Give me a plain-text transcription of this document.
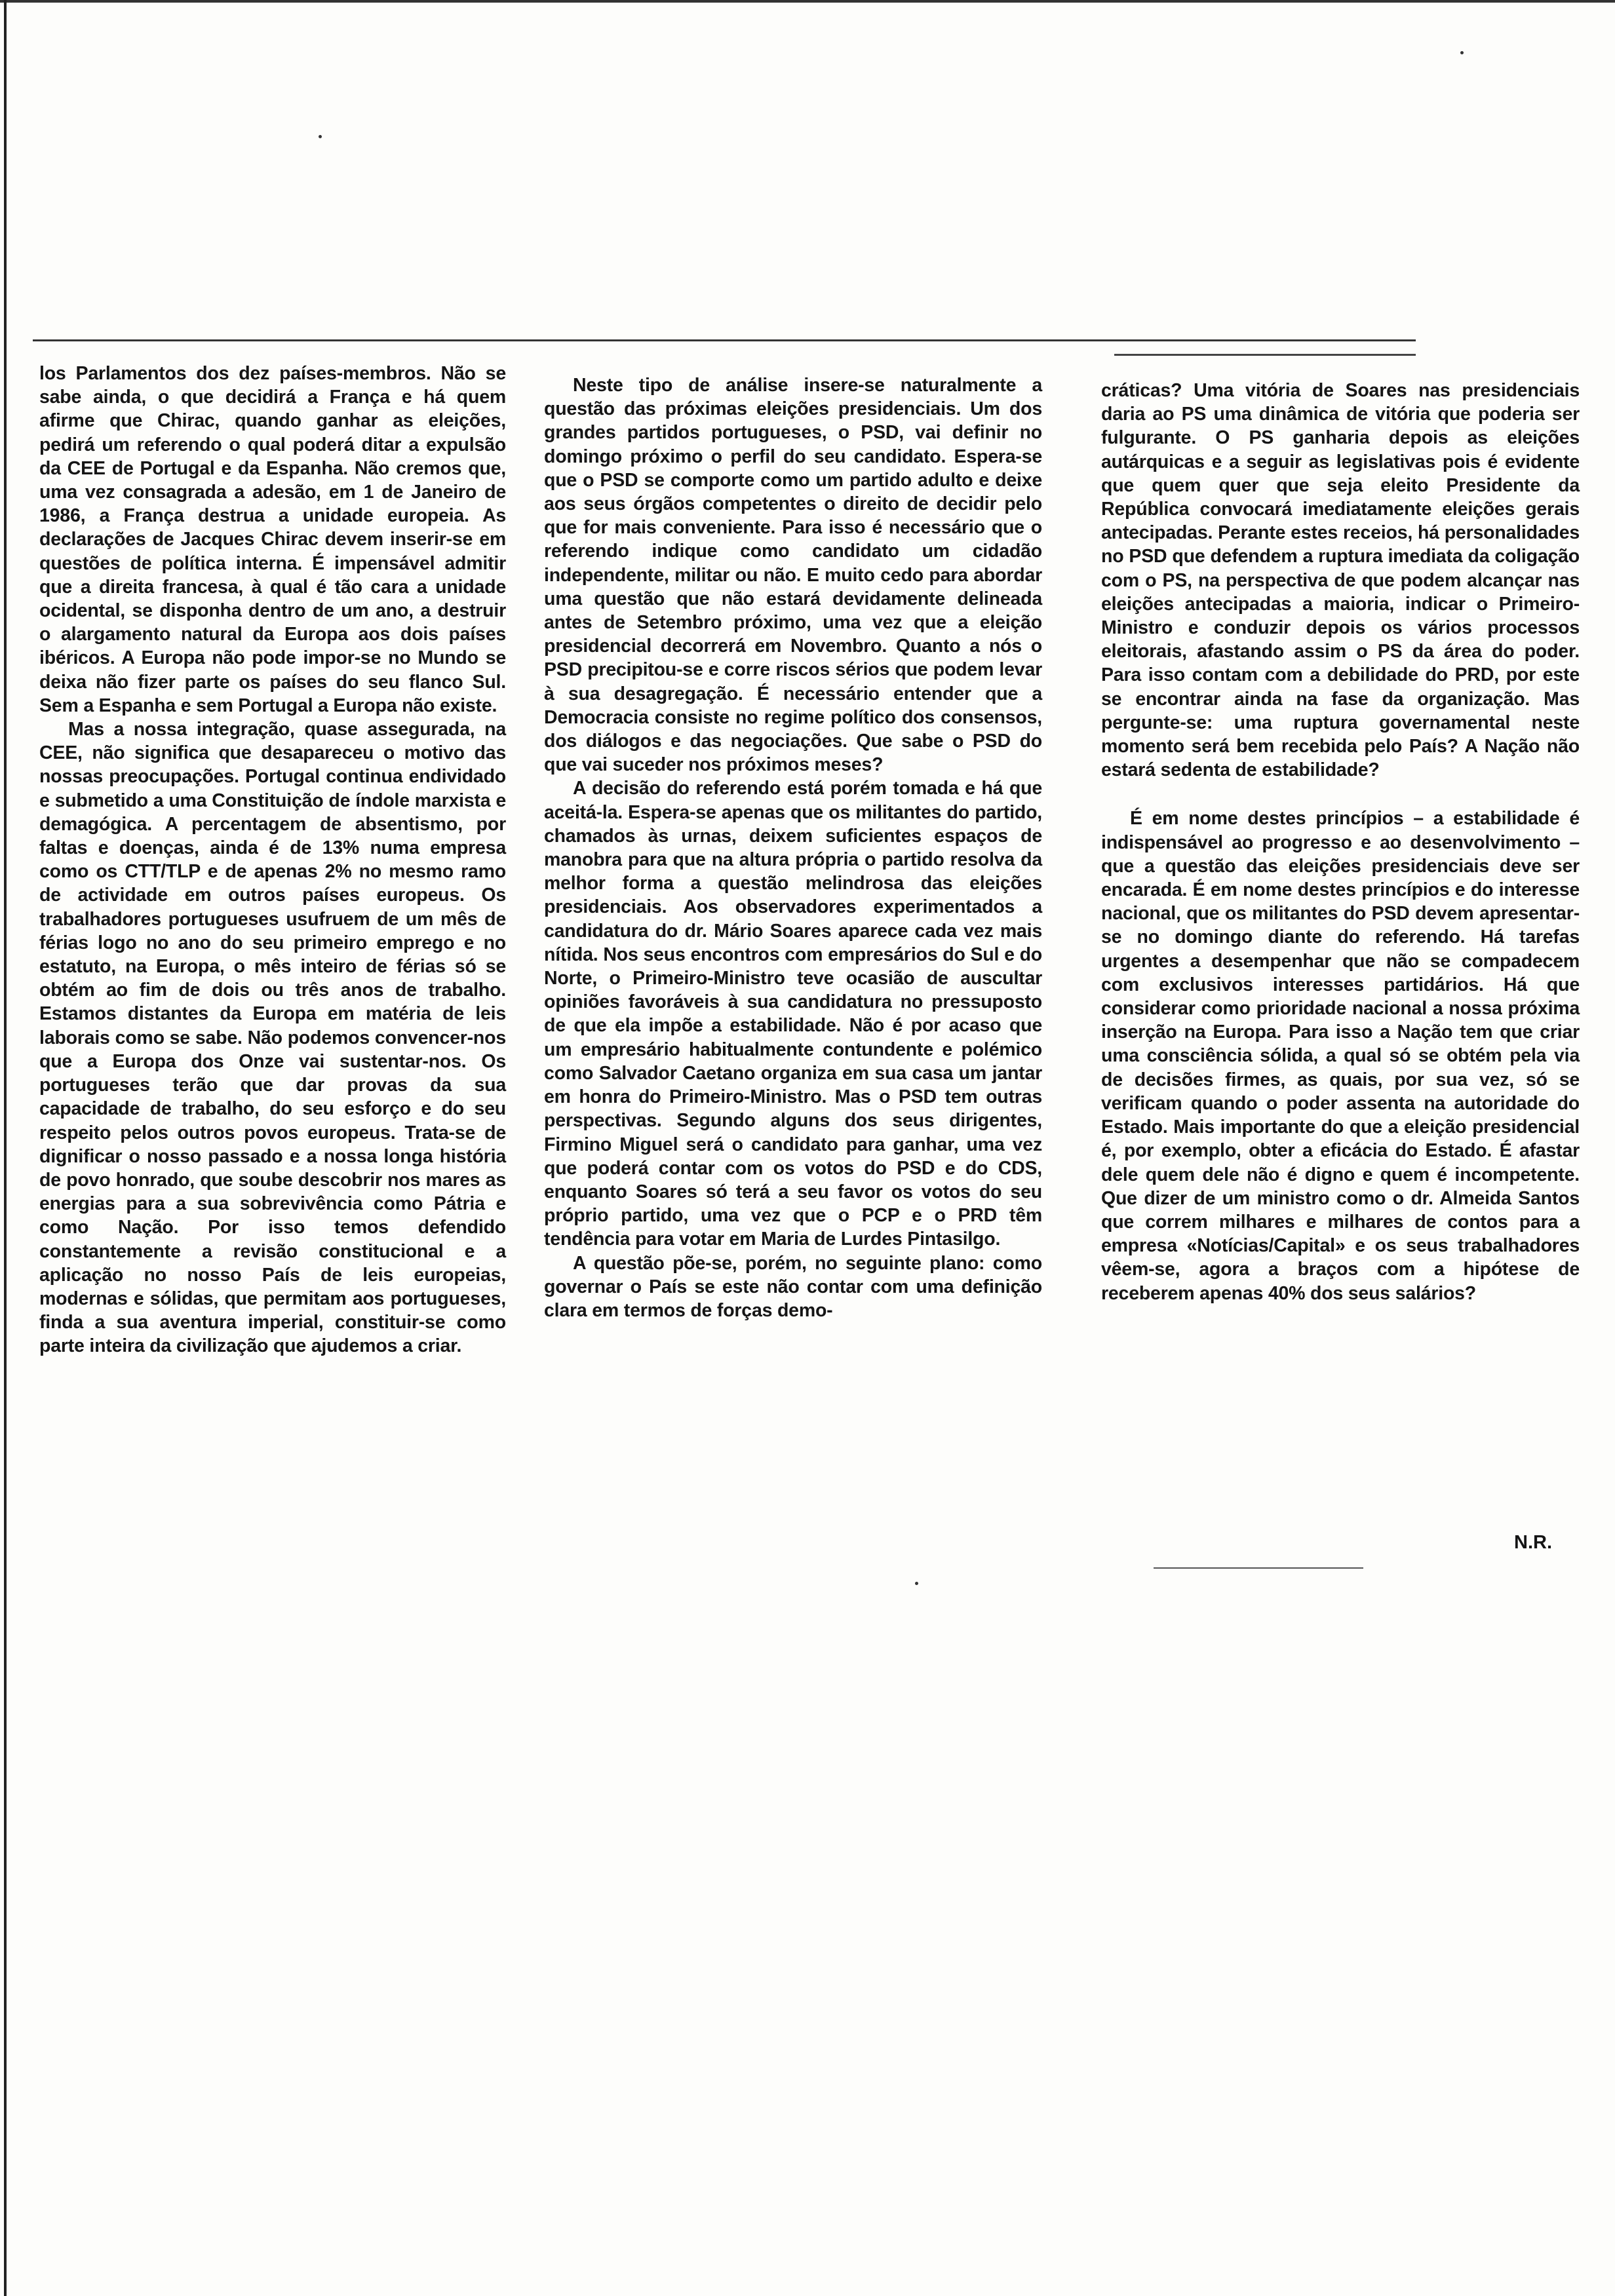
los Parlamentos dos dez países-membros. Não se sabe ainda, o que decidirá a França e há quem afirme que Chirac, quando ganhar as eleições, pedirá um referendo o qual poderá ditar a expulsão da CEE de Portugal e da Espanha. Não cremos que, uma vez consagrada a adesão, em 1 de Janeiro de 1986, a França destrua a unidade europeia. As declarações de Jacques Chirac devem inserir-se em questões de política interna. É impensável admitir que a direita francesa, à qual é tão cara a unidade ocidental, se disponha dentro de um ano, a destruir o alargamento natural da Europa aos dois países ibéricos. A Europa não pode impor-se no Mundo se deixa não fizer parte os países do seu flanco Sul. Sem a Espanha e sem Portugal a Europa não existe.

Mas a nossa integração, quase assegurada, na CEE, não significa que desapareceu o motivo das nossas preocupações. Portugal continua endividado e submetido a uma Constituição de índole marxista e demagógica. A percentagem de absentismo, por faltas e doenças, ainda é de 13% numa empresa como os CTT/TLP e de apenas 2% no mesmo ramo de actividade em outros países europeus. Os trabalhadores portugueses usufruem de um mês de férias logo no ano do seu primeiro emprego e no estatuto, na Europa, o mês inteiro de férias só se obtém ao fim de dois ou três anos de trabalho. Estamos distantes da Europa em matéria de leis laborais como se sabe. Não podemos convencer-nos que a Europa dos Onze vai sustentar-nos. Os portugueses terão que dar provas da sua capacidade de trabalho, do seu esforço e do seu respeito pelos outros povos europeus. Trata-se de dignificar o nosso passado e a nossa longa história de povo honrado, que soube descobrir nos mares as energias para a sua sobrevivência como Pátria e como Nação. Por isso temos defendido constantemente a revisão constitucional e a aplicação no nosso País de leis europeias, modernas e sólidas, que permitam aos portugueses, finda a sua aventura imperial, constituir-se como parte inteira da civilização que ajudemos a criar.

Neste tipo de análise insere-se naturalmente a questão das próximas eleições presidenciais. Um dos grandes partidos portugueses, o PSD, vai definir no domingo próximo o perfil do seu candidato. Espera-se que o PSD se comporte como um partido adulto e deixe aos seus órgãos competentes o direito de decidir pelo que for mais conveniente. Para isso é necessário que o referendo indique como candidato um cidadão independente, militar ou não. E muito cedo para abordar uma questão que não estará devidamente delineada antes de Setembro próximo, uma vez que a eleição presidencial decorrerá em Novembro. Quanto a nós o PSD precipitou-se e corre riscos sérios que podem levar à sua desagregação. É necessário entender que a Democracia consiste no regime político dos consensos, dos diálogos e das negociações. Que sabe o PSD do que vai suceder nos próximos meses?

A decisão do referendo está porém tomada e há que aceitá-la. Espera-se apenas que os militantes do partido, chamados às urnas, deixem suficientes espaços de manobra para que na altura própria o partido resolva da melhor forma a questão melindrosa das eleições presidenciais. Aos observadores experimentados a candidatura do dr. Mário Soares aparece cada vez mais nítida. Nos seus encontros com empresários do Sul e do Norte, o Primeiro-Ministro teve ocasião de auscultar opiniões favoráveis à sua candidatura no pressuposto de que ela impõe a estabilidade. Não é por acaso que um empresário habitualmente contundente e polémico como Salvador Caetano organiza em sua casa um jantar em honra do Primeiro-Ministro. Mas o PSD tem outras perspectivas. Segundo alguns dos seus dirigentes, Firmino Miguel será o candidato para ganhar, uma vez que poderá contar com os votos do PSD e do CDS, enquanto Soares só terá a seu favor os votos do seu próprio partido, uma vez que o PCP e o PRD têm tendência para votar em Maria de Lurdes Pintasilgo.

A questão põe-se, porém, no seguinte plano: como governar o País se este não contar com uma definição clara em termos de forças demo-

cráticas? Uma vitória de Soares nas presidenciais daria ao PS uma dinâmica de vitória que poderia ser fulgurante. O PS ganharia depois as eleições autárquicas e a seguir as legislativas pois é evidente que quem quer que seja eleito Presidente da República convocará imediatamente eleições gerais antecipadas. Perante estes receios, há personalidades no PSD que defendem a ruptura imediata da coligação com o PS, na perspectiva de que podem alcançar nas eleições antecipadas a maioria, indicar o Primeiro-Ministro e conduzir depois os vários processos eleitorais, afastando assim o PS da área do poder. Para isso contam com a debilidade do PRD, por este se encontrar ainda na fase da organização. Mas pergunte-se: uma ruptura governamental neste momento será bem recebida pelo País? A Nação não estará sedenta de estabilidade?

É em nome destes princípios – a estabilidade é indispensável ao progresso e ao desenvolvimento – que a questão das eleições presidenciais deve ser encarada. É em nome destes princípios e do interesse nacional, que os militantes do PSD devem apresentar-se no domingo diante do referendo. Há tarefas urgentes a desempenhar que não se compadecem com exclusivos interesses partidários. Há que considerar como prioridade nacional a nossa próxima inserção na Europa. Para isso a Nação tem que criar uma consciência sólida, a qual só se obtém pela via de decisões firmes, as quais, por sua vez, só se verificam quando o poder assenta na autoridade do Estado. Mais importante do que a eleição presidencial é, por exemplo, obter a eficácia do Estado. É afastar dele quem dele não é digno e quem é incompetente. Que dizer de um ministro como o dr. Almeida Santos que correm milhares e milhares de contos para a empresa «Notícias/Capital» e os seus trabalhadores vêem-se, agora a braços com a hipótese de receberem apenas 40% dos seus salários?

N.R.
